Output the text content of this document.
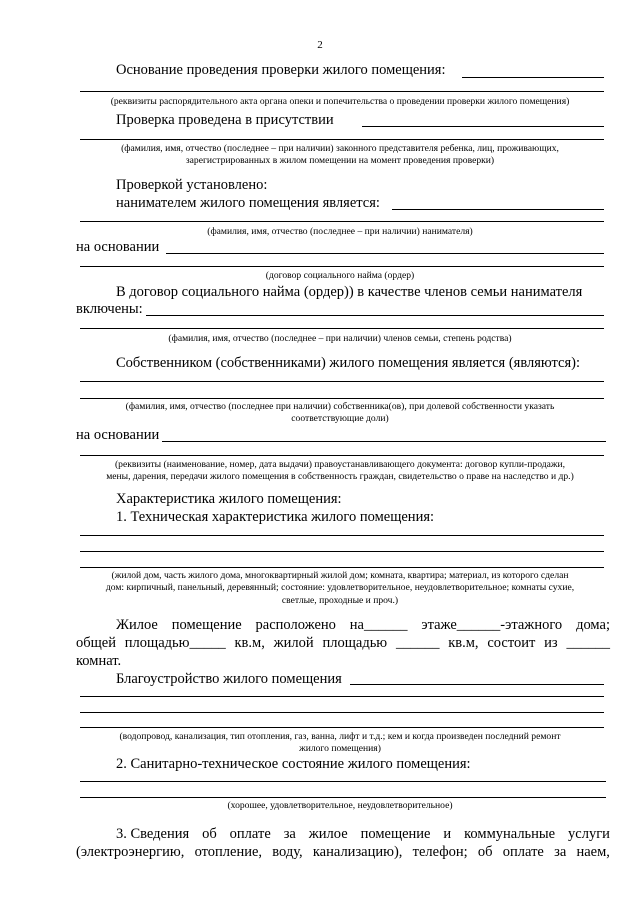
2
Основание проведения проверки жилого помещения:
(реквизиты распорядительного акта органа опеки и попечительства о проведении проверки жилого помещения)
Проверка проведена в присутствии
(фамилия, имя, отчество (последнее – при наличии) законного представителя ребенка, лиц, проживающих,
зарегистрированных в жилом помещении на момент проведения проверки)
Проверкой установлено:
нанимателем жилого помещения является:
(фамилия, имя, отчество (последнее – при наличии) нанимателя)
на основании
(договор социального найма (ордер)
В договор социального найма (ордер)) в качестве членов семьи нанимателя
включены:
(фамилия, имя, отчество (последнее – при наличии) членов семьи, степень родства)
Собственником (собственниками) жилого помещения является (являются):
(фамилия, имя, отчество (последнее при наличии) собственника(ов), при долевой собственности указать
соответствующие доли)
на основании
(реквизиты (наименование, номер, дата выдачи) правоустанавливающего документа: договор купли-продажи,
мены, дарения, передачи жилого помещения в собственность граждан, свидетельство о праве на наследство и др.)
Характеристика жилого помещения:
1. Техническая характеристика жилого помещения:
(жилой дом, часть жилого дома, многоквартирный жилой дом; комната, квартира; материал, из которого сделан
дом: кирпичный, панельный, деревянный; состояние: удовлетворительное, неудовлетворительное; комнаты сухие,
светлые, проходные и проч.)
Жилое помещение расположено на______ этаже______-этажного дома;
общей площадью_____ кв.м, жилой площадью ______ кв.м, состоит из ______
комнат.
Благоустройство жилого помещения
(водопровод, канализация, тип отопления, газ, ванна, лифт и т.д.; кем и когда произведен последний ремонт
жилого помещения)
2. Санитарно-техническое состояние жилого помещения:
(хорошее, удовлетворительное, неудовлетворительное)
3. Сведения об оплате за жилое помещение и коммунальные услуги
(электроэнергию, отопление, воду, канализацию), телефон; об оплате за наем,
